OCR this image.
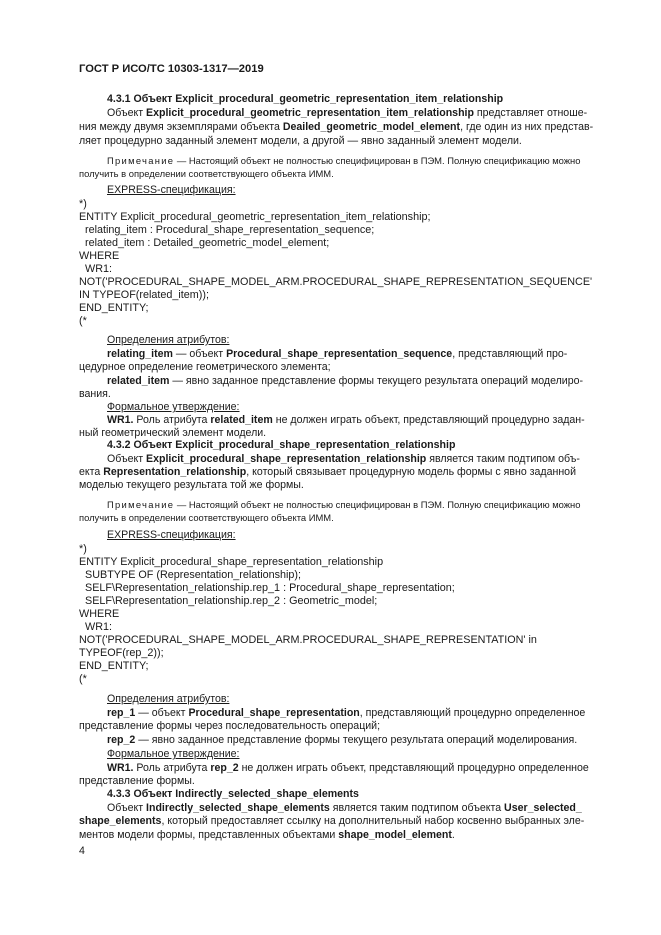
ГОСТ Р ИСО/ТС 10303-1317—2019
4.3.1 Объект Explicit_procedural_geometric_representation_item_relationship
Объект Explicit_procedural_geometric_representation_item_relationship представляет отноше-
ния между двумя экземплярами объекта Deailed_geometric_model_element, где один из них представ-
ляет процедурно заданный элемент модели, а другой — явно заданный элемент модели.
Примечание — Настоящий объект не полностью специфицирован в ПЭМ. Полную спецификацию можно
получить в определении соответствующего объекта ИММ.
EXPRESS-спецификация:
*)
ENTITY Explicit_procedural_geometric_representation_item_relationship;
relating_item : Procedural_shape_representation_sequence;
related_item : Detailed_geometric_model_element;
WHERE
WR1:
NOT('PROCEDURAL_SHAPE_MODEL_ARM.PROCEDURAL_SHAPE_REPRESENTATION_SEQUENCE'
IN TYPEOF(related_item));
END_ENTITY;
(*
Определения атрибутов:
relating_item — объект Procedural_shape_representation_sequence, представляющий про-
цедурное определение геометрического элемента;
related_item — явно заданное представление формы текущего результата операций моделиро-
вания.
Формальное утверждение:
WR1. Роль атрибута related_item не должен играть объект, представляющий процедурно задан-
ный геометрический элемент модели.
4.3.2 Объект Explicit_procedural_shape_representation_relationship
Объект Explicit_procedural_shape_representation_relationship является таким подтипом объ-
екта Representation_relationship, который связывает процедурную модель формы с явно заданной
моделью текущего результата той же формы.
Примечание — Настоящий объект не полностью специфицирован в ПЭМ. Полную спецификацию можно
получить в определении соответствующего объекта ИММ.
EXPRESS-спецификация:
*)
ENTITY Explicit_procedural_shape_representation_relationship
SUBTYPE OF (Representation_relationship);
SELF\Representation_relationship.rep_1 : Procedural_shape_representation;
SELF\Representation_relationship.rep_2 : Geometric_model;
WHERE
WR1:
NOT('PROCEDURAL_SHAPE_MODEL_ARM.PROCEDURAL_SHAPE_REPRESENTATION' in
TYPEOF(rep_2));
END_ENTITY;
(*
Определения атрибутов:
rep_1 — объект Procedural_shape_representation, представляющий процедурно определенное
представление формы через последовательность операций;
rep_2 — явно заданное представление формы текущего результата операций моделирования.
Формальное утверждение:
WR1. Роль атрибута rep_2 не должен играть объект, представляющий процедурно определенное
представление формы.
4.3.3 Объект Indirectly_selected_shape_elements
Объект Indirectly_selected_shape_elements является таким подтипом объекта User_selected_
shape_elements, который предоставляет ссылку на дополнительный набор косвенно выбранных эле-
ментов модели формы, представленных объектами shape_model_element.
4
